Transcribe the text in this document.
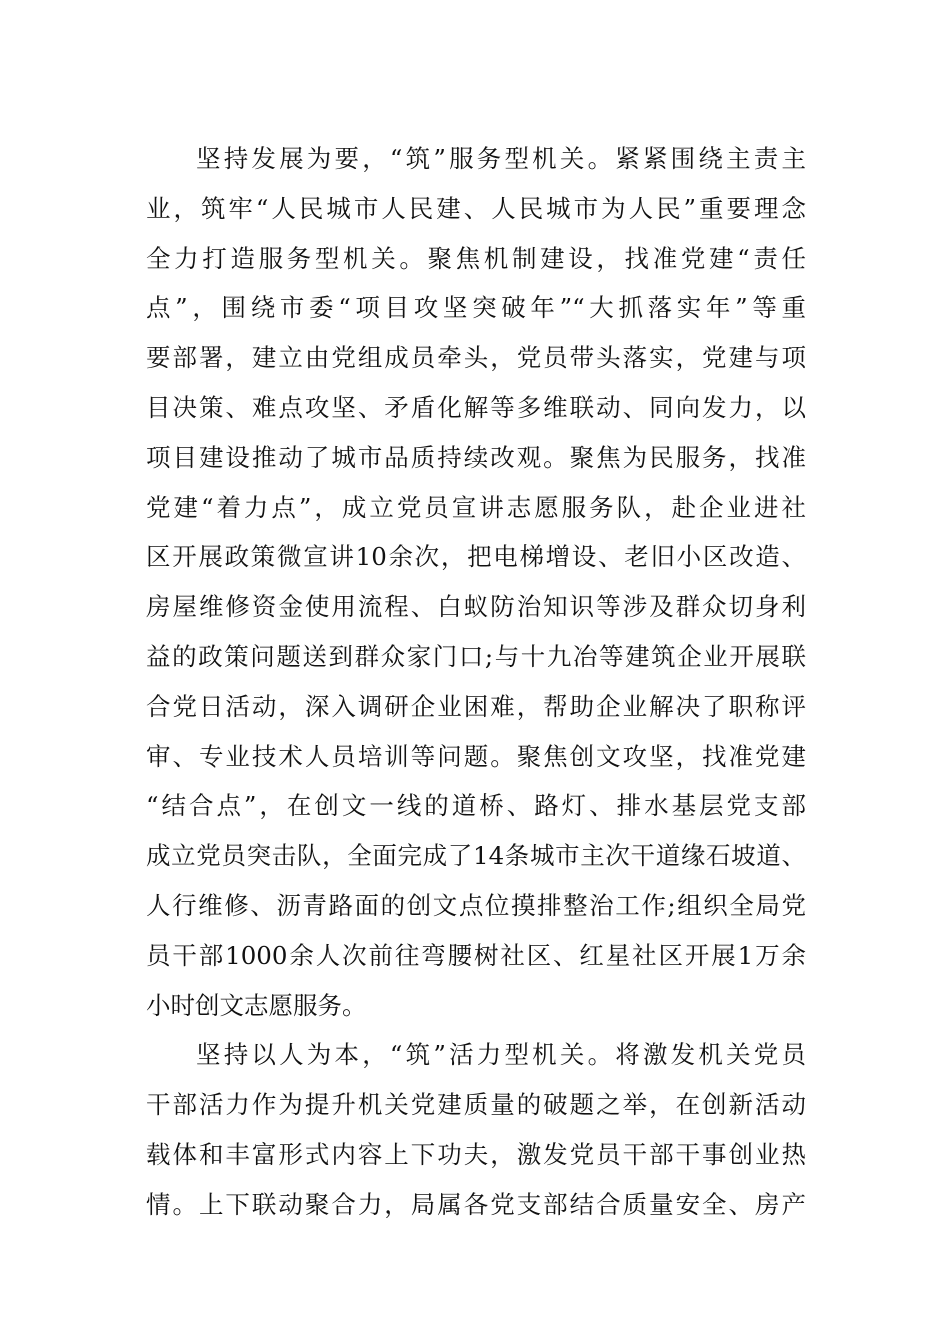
坚持发展为要，“筑”服务型机关。紧紧围绕主责主
业，筑牢“人民城市人民建、人民城市为人民”重要理念
全力打造服务型机关。聚焦机制建设，找准党建“责任
点”，围绕市委“项目攻坚突破年”“大抓落实年”等重
要部署，建立由党组成员牵头，党员带头落实，党建与项
目决策、难点攻坚、矛盾化解等多维联动、同向发力，以
项目建设推动了城市品质持续改观。聚焦为民服务，找准
党建“着力点”，成立党员宣讲志愿服务队，赴企业进社
区开展政策微宣讲10余次，把电梯增设、老旧小区改造、
房屋维修资金使用流程、白蚁防治知识等涉及群众切身利
益的政策问题送到群众家门口;与十九冶等建筑企业开展联
合党日活动，深入调研企业困难，帮助企业解决了职称评
审、专业技术人员培训等问题。聚焦创文攻坚，找准党建
“结合点”，在创文一线的道桥、路灯、排水基层党支部
成立党员突击队，全面完成了14条城市主次干道缘石坡道、
人行维修、沥青路面的创文点位摸排整治工作;组织全局党
员干部1000余人次前往弯腰树社区、红星社区开展1万余
小时创文志愿服务。
坚持以人为本，“筑”活力型机关。将激发机关党员
干部活力作为提升机关党建质量的破题之举，在创新活动
载体和丰富形式内容上下功夫，激发党员干部干事创业热
情。上下联动聚合力，局属各党支部结合质量安全、房产
